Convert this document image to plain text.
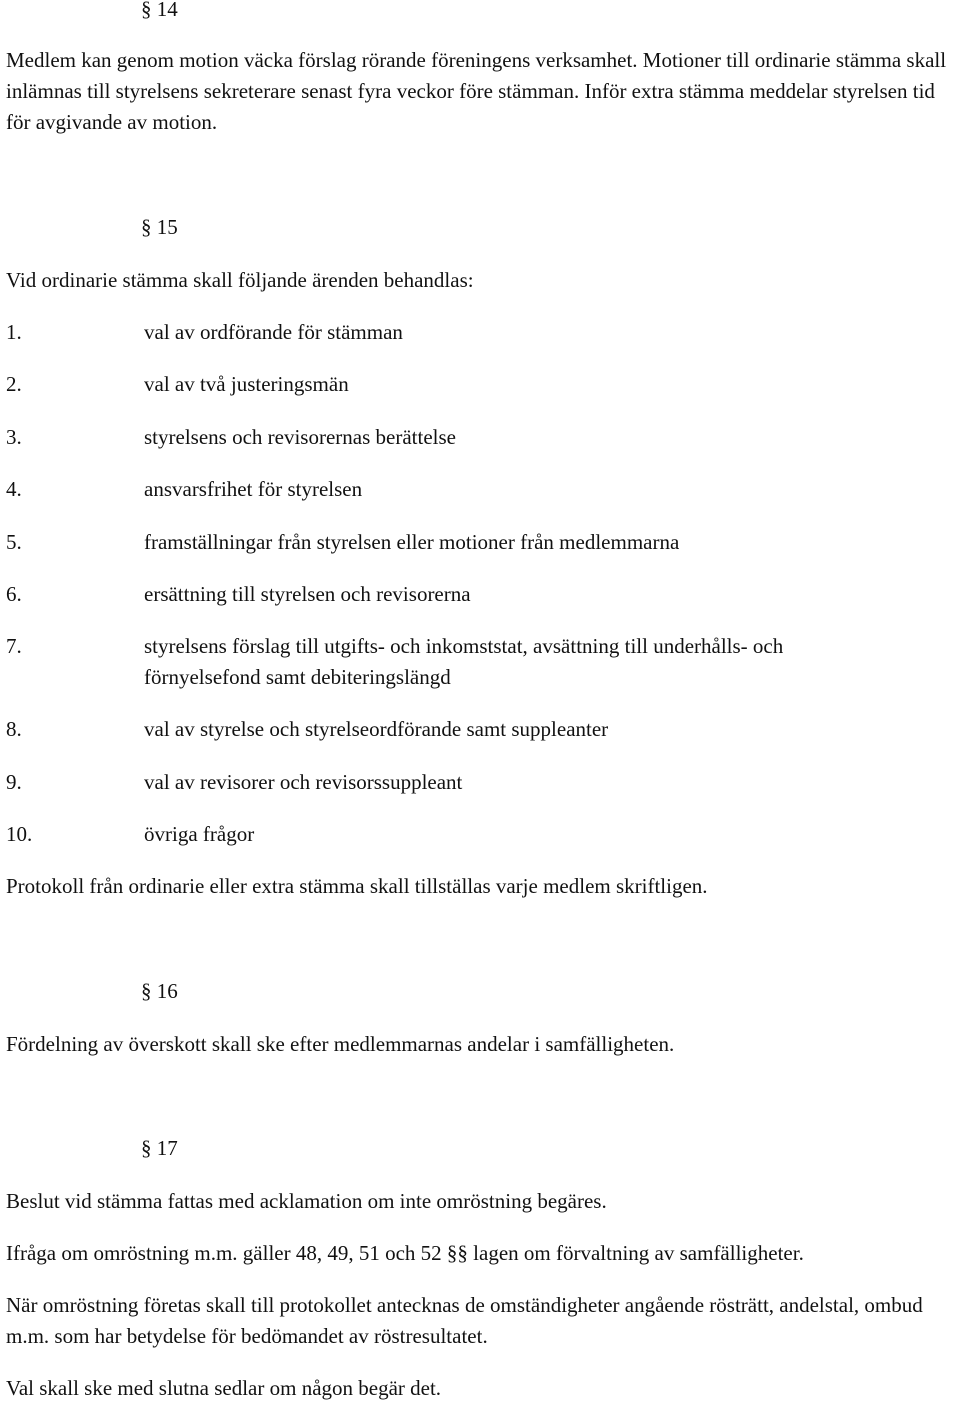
§ 14

Medlem kan genom motion väcka förslag rörande föreningens verksamhet. Motioner till ordinarie stämma skall inlämnas till styrelsens sekreterare senast fyra veckor före stämman. Inför extra stämma meddelar styrelsen tid för avgivande av motion.

§ 15

Vid ordinarie stämma skall följande ärenden behandlas:

1.	val av ordförande för stämman
2.	val av två justeringsmän
3.	styrelsens och revisorernas berättelse
4.	ansvarsfrihet för styrelsen
5.	framställningar från styrelsen eller motioner från medlemmarna
6.	ersättning till styrelsen och revisorerna
7.	styrelsens förslag till utgifts- och inkomststat, avsättning till underhålls- och förnyelsefond samt debiteringslängd
8.	val av styrelse och styrelseordförande samt suppleanter
9.	val av revisorer och revisorssuppleant
10.	övriga frågor

Protokoll från ordinarie eller extra stämma skall tillställas varje medlem skriftligen.

§ 16

Fördelning av överskott skall ske efter medlemmarnas andelar i samfälligheten.

§ 17

Beslut vid stämma fattas med acklamation om inte omröstning begäres.

Ifråga om omröstning m.m. gäller 48, 49, 51 och 52 §§ lagen om förvaltning av samfälligheter.

När omröstning företas skall till protokollet antecknas de omständigheter angående rösträtt, andelstal, ombud m.m. som har betydelse för bedömandet av röstresultatet.

Val skall ske med slutna sedlar om någon begär det.
